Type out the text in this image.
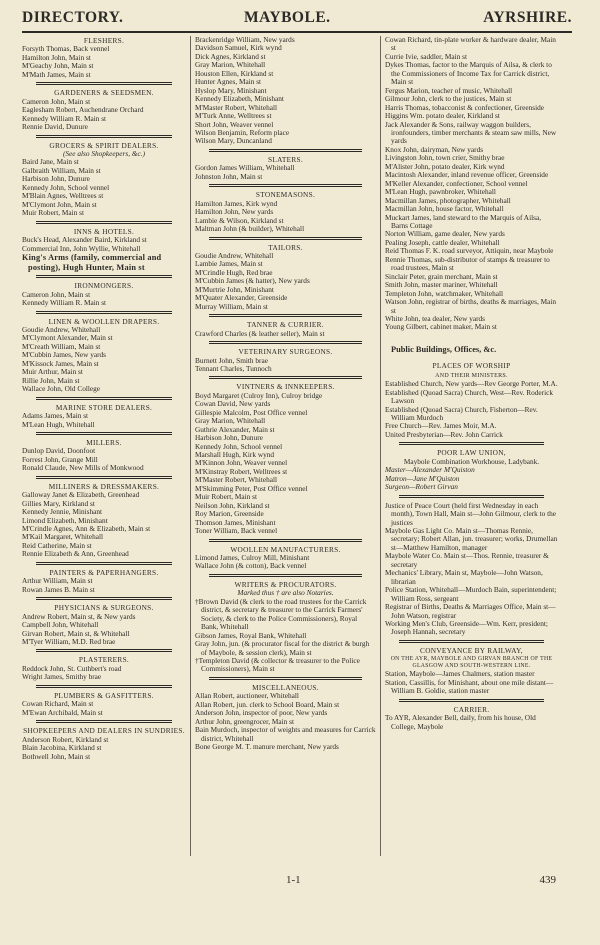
DIRECTORY.	MAYBOLE.	AYRSHIRE.
FLESHERS.
Forsyth Thomas, Back vennel
Hamilton John, Main st
M'Geachy John, Main st
M'Math James, Main st
GARDENERS & SEEDSMEN.
Cameron John, Main st
Eaglesham Robert, Auchendrane Orchard
Kennedy William R. Main st
Rennie David, Dunure
GROCERS & SPIRIT DEALERS.
(See also Shopkeepers, &c.)
Baird Jane, Main st
Galbraith William, Main st
Harbison John, Dunure
Kennedy John, School vennel
M'Blain Agnes, Welltrees st
M'Clymont John, Main st
Muir Robert, Main st
INNS & HOTELS.
Buck's Head, Alexander Baird, Kirkland st
Commercial Inn, John Wyllie, Whitehall
King's Arms (family, commercial and posting), Hugh Hunter, Main st
IRONMONGERS.
Cameron John, Main st
Kennedy William R. Main st
LINEN & WOOLLEN DRAPERS.
Goudie Andrew, Whitehall
M'Clymont Alexander, Main st
M'Creath William, Main st
M'Cubbin James, New yards
M'Kissock James, Main st
Muir Arthur, Main st
Rillie John, Main st
Wallace John, Old College
MARINE STORE DEALERS.
Adams James, Main st
M'Lean Hugh, Whitehall
MILLERS.
Dunlop David, Doonfoot
Forrest John, Grange Mill
Ronald Claude, New Mills of Monkwood
MILLINERS & DRESSMAKERS.
Galloway Janet & Elizabeth, Greenhead
Gillies Mary, Kirkland st
Kennedy Jennie, Minishant
Limond Elizabeth, Minishant
M'Crindle Agnes, Ann & Elizabeth, Main st
M'Kail Margaret, Whitehall
Reid Catherine, Main st
Rennie Elizabeth & Ann, Greenhead
PAINTERS & PAPERHANGERS.
Arthur William, Main st
Rowan James B. Main st
PHYSICIANS & SURGEONS.
Andrew Robert, Main st, & New yards
Campbell John, Whitehall
Girvan Robert, Main st, & Whitehall
M'Tyer William, M.D. Red brae
PLASTERERS.
Reddock John, St. Cuthbert's road
Wright James, Smithy brae
PLUMBERS & GASFITTERS.
Cowan Richard, Main st
M'Ewan Archibald, Main st
SHOPKEEPERS AND DEALERS IN SUNDRIES.
Anderson Robert, Kirkland st
Blain Jacobina, Kirkland st
Bothwell John, Main st
Brackenridge William, New yards
Davidson Samuel, Kirk wynd
Dick Agnes, Kirkland st
Gray Marion, Whitehall
Houston Ellen, Kirkland st
Hunter Agnes, Main st
Hyslop Mary, Minishant
Kennedy Elizabeth, Minishant
M'Master Robert, Whitehall
M'Turk Anne, Welltrees st
Short John, Weaver vennel
Wilson Benjamin, Reform place
Wilson Mary, Duncanland
SLATERS.
Gordon James William, Whitehall
Johnston John, Main st
STONEMASONS.
Hamilton James, Kirk wynd
Hamilton John, New yards
Lambie & Wilson, Kirkland st
Maltman John (& builder), Whitehall
TAILORS.
Goudie Andrew, Whitehall
Lambie James, Main st
M'Crindle Hugh, Red brae
M'Cubbin James (& hatter), New yards
M'Murtrie John, Minishant
M'Quater Alexander, Greenside
Murray William, Main st
TANNER & CURRIER.
Crawford Charles (& leather seller), Main st
VETERINARY SURGEONS.
Burnett John, Smith brae
Tennant Charles, Tunnoch
VINTNERS & INNKEEPERS.
Boyd Margaret (Culroy Inn), Culroy bridge
Cowan David, New yards
Gillespie Malcolm, Post Office vennel
Gray Marion, Whitehall
Guthrie Alexander, Main st
Harbison John, Dunure
Kennedy John, School vennel
Marshall Hugh, Kirk wynd
M'Kinnon John, Weaver vennel
M'Kinstray Robert, Welltrees st
M'Master Robert, Whitehall
M'Skimming Peter, Post Office vennel
Muir Robert, Main st
Neilson John, Kirkland st
Roy Marion, Greenside
Thomson James, Minishant
Toner William, Back vennel
WOOLLEN MANUFACTURERS.
Limond James, Culroy Mill, Minishant
Wallace John (& cotton), Back vennel
WRITERS & PROCURATORS.
Marked thus † are also Notaries.
†Brown David (& clerk to the road trustees for the Carrick district, & secretary & treasurer to the Carrick Farmers' Society, & clerk to the Police Commissioners), Royal Bank, Whitehall
Gibson James, Royal Bank, Whitehall
Gray John, jun. (& procurator fiscal for the district & burgh of Maybole, & session clerk), Main st
†Templeton David (& collector & treasurer to the Police Commissioners), Main st
MISCELLANEOUS.
Allan Robert, auctioneer, Whitehall
Allan Robert, jun. clerk to School Board, Main st
Anderson John, inspector of poor, New yards
Arthur John, greengrocer, Main st
Bain Murdoch, inspector of weights and measures for Carrick district, Whitehall
Bone George M. T. manure merchant, New yards
Cowan Richard, tin-plate worker & hardware dealer, Main st
Currie Ivie, saddler, Main st
Dykes Thomas, factor to the Marquis of Ailsa, & clerk to the Commissioners of Income Tax for Carrick district, Main st
Fergus Marion, teacher of music, Whitehall
Gilmour John, clerk to the justices, Main st
Harris Thomas, tobacconist & confectioner, Greenside
Higgins Wm. potato dealer, Kirkland st
Jack Alexander & Sons, railway waggon builders, ironfounders, timber merchants & steam saw mills, New yards
Knox John, dairyman, New yards
Livingston John, town crier, Smithy brae
M'Alister John, potato dealer, Kirk wynd
Macintosh Alexander, inland revenue officer, Greenside
M'Keller Alexander, confectioner, School vennel
M'Lean Hugh, pawnbroker, Whitehall
Macmillan James, photographer, Whitehall
Macmillan John, house factor, Whitehall
Muckart James, land steward to the Marquis of Ailsa, Barns Cottage
Norton William, game dealer, New yards
Pealing Joseph, cattle dealer, Whitehall
Reid Thomas F. K. road surveyor, Attiquin, near Maybole
Rennie Thomas, sub-distributor of stamps & treasurer to road trustees, Main st
Sinclair Peter, grain merchant, Main st
Smith John, master mariner, Whitehall
Templeton John, watchmaker, Whitehall
Watson John, registrar of births, deaths & marriages, Main st
White John, tea dealer, New yards
Young Gilbert, cabinet maker, Main st
Public Buildings, Offices, &c.
PLACES OF WORSHIP
AND THEIR MINISTERS.
Established Church, New yards—Rev George Porter, M.A.
Established (Quoad Sacra) Church, West—Rev. Roderick Lawson
Established (Quoad Sacra) Church, Fisherton—Rev. William Murdoch
Free Church—Rev. James Moir, M.A.
United Presbyterian—Rev. John Carrick
POOR LAW UNION,
Maybole Combination Workhouse, Ladybank.
Master—Alexander M'Quiston
Matron—Jane M'Quiston
Surgeon—Robert Girvan
Justice of Peace Court (held first Wednesday in each month), Town Hall, Main st—John Gilmour, clerk to the justices
Maybole Gas Light Co. Main st—Thomas Rennie, secretary; Robert Allan, jun. treasurer; works, Drumellan st—Matthew Hamilton, manager
Maybole Water Co. Main st—Thos. Rennie, treasurer & secretary
Mechanics' Library, Main st, Maybole—John Watson, librarian
Police Station, Whitehall—Murdoch Bain, superintendent; William Ross, sergeant
Registrar of Births, Deaths & Marriages Office, Main st—John Watson, registrar
Working Men's Club, Greenside—Wm. Kerr, president; Joseph Hannah, secretary
CONVEYANCE BY RAILWAY,
ON THE AYR, MAYBOLE AND GIRVAN BRANCH OF THE GLASGOW AND SOUTH-WESTERN LINE.
Station, Maybole—James Chalmers, station master
Station, Cassillis, for Minishant, about one mile distant—William B. Goldie, station master
CARRIER.
To AYR, Alexander Bell, daily, from his house, Old College, Maybole
1-1	439
